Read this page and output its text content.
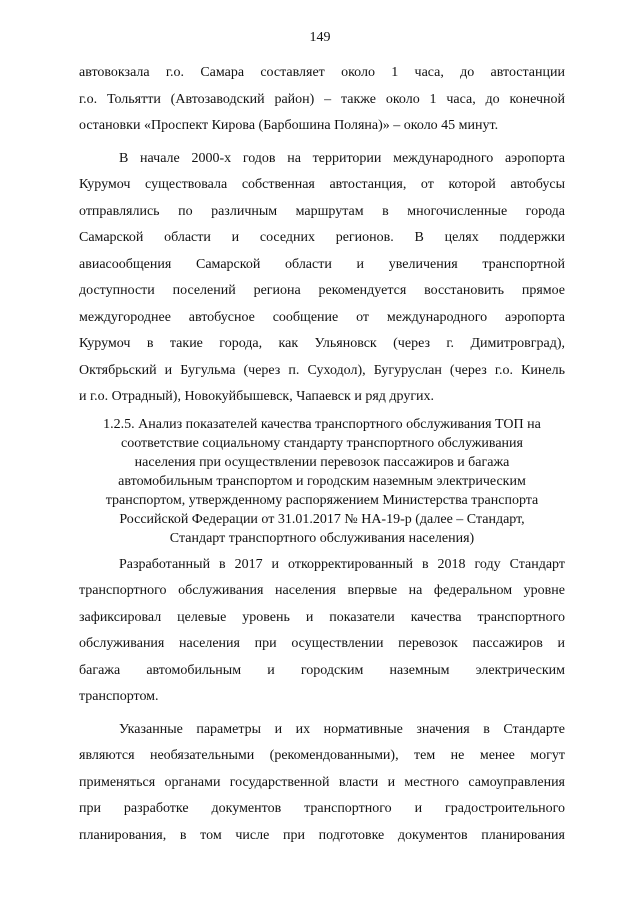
149

автовокзала г.о. Самара составляет около 1 часа, до автостанции
г.о. Тольятти (Автозаводский район) – также около 1 часа, до конечной
остановки «Проспект Кирова (Барбошина Поляна)» – около 45 минут.

В начале 2000-х годов на территории международного аэропорта
Курумоч существовала собственная автостанция, от которой автобусы
отправлялись по различным маршрутам в многочисленные города
Самарской области и соседних регионов. В целях поддержки
авиасообщения Самарской области и увеличения транспортной
доступности поселений региона рекомендуется восстановить прямое
междугороднее автобусное сообщение от международного аэропорта
Курумоч в такие города, как Ульяновск (через г. Димитровград),
Октябрьский и Бугульма (через п. Суходол), Бугуруслан (через г.о. Кинель
и г.о. Отрадный), Новокуйбышевск, Чапаевск и ряд других.

1.2.5. Анализ показателей качества транспортного обслуживания ТОП на
соответствие социальному стандарту транспортного обслуживания
населения при осуществлении перевозок пассажиров и багажа
автомобильным транспортом и городским наземным электрическим
транспортом, утвержденному распоряжением Министерства транспорта
Российской Федерации от 31.01.2017 № НА-19-р (далее – Стандарт,
Стандарт транспортного обслуживания населения)

Разработанный в 2017 и откорректированный в 2018 году Стандарт
транспортного обслуживания населения впервые на федеральном уровне
зафиксировал целевые уровень и показатели качества транспортного
обслуживания населения при осуществлении перевозок пассажиров и
багажа автомобильным и городским наземным электрическим
транспортом.

Указанные параметры и их нормативные значения в Стандарте
являются необязательными (рекомендованными), тем не менее могут
применяться органами государственной власти и местного самоуправления
при разработке документов транспортного и градостроительного
планирования, в том числе при подготовке документов планирования
